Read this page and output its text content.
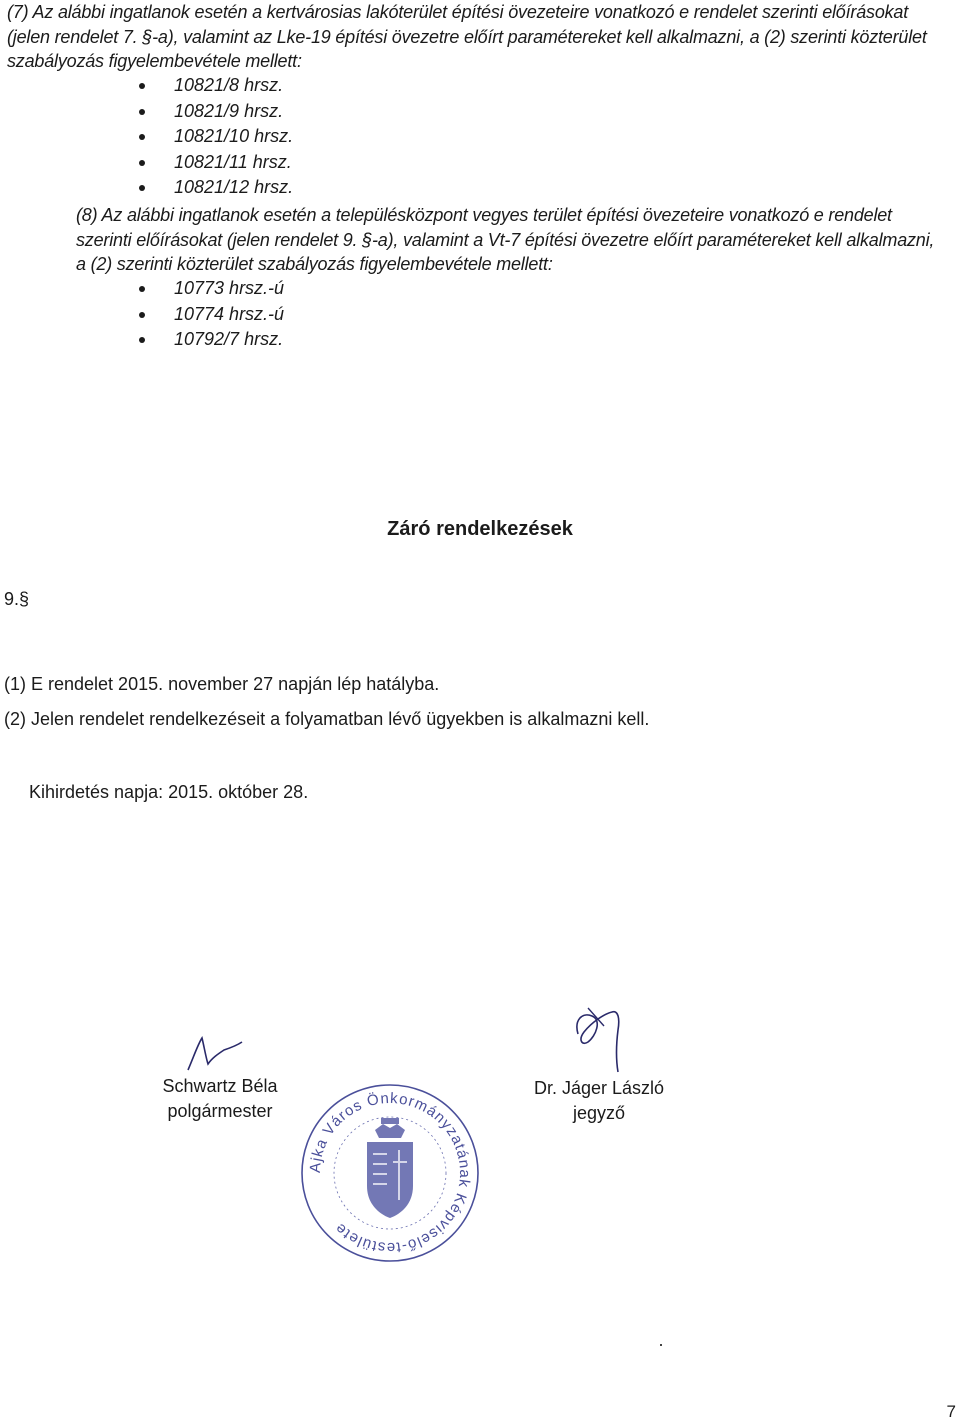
(7) Az alábbi ingatlanok esetén a kertvárosias lakóterület építési övezeteire vonatkozó e rendelet szerinti előírásokat
(jelen rendelet 7. §-a), valamint az Lke-19 építési övezetre előírt paramétereket kell alkalmazni, a (2) szerinti közterület
szabályozás figyelembevétele mellett:
10821/8 hrsz.
10821/9 hrsz.
10821/10 hrsz.
10821/11 hrsz.
10821/12 hrsz.
(8) Az alábbi ingatlanok esetén a településközpont vegyes terület építési övezeteire vonatkozó e rendelet
szerinti előírásokat (jelen rendelet 9. §-a), valamint a Vt-7 építési övezetre előírt paramétereket kell alkalmazni,
a (2) szerinti közterület szabályozás figyelembevétele mellett:
10773 hrsz.-ú
10774 hrsz.-ú
10792/7 hrsz.
Záró rendelkezések
9.§
(1) E rendelet 2015. november 27 napján lép hatályba.
(2) Jelen rendelet rendelkezéseit a folyamatban lévő ügyekben is alkalmazni kell.
Kihirdetés napja: 2015. október 28.
Schwartz Béla
polgármester
Ajka Város Önkormányzatának Képviselő-testülete
Dr. Jáger László
jegyző
7
